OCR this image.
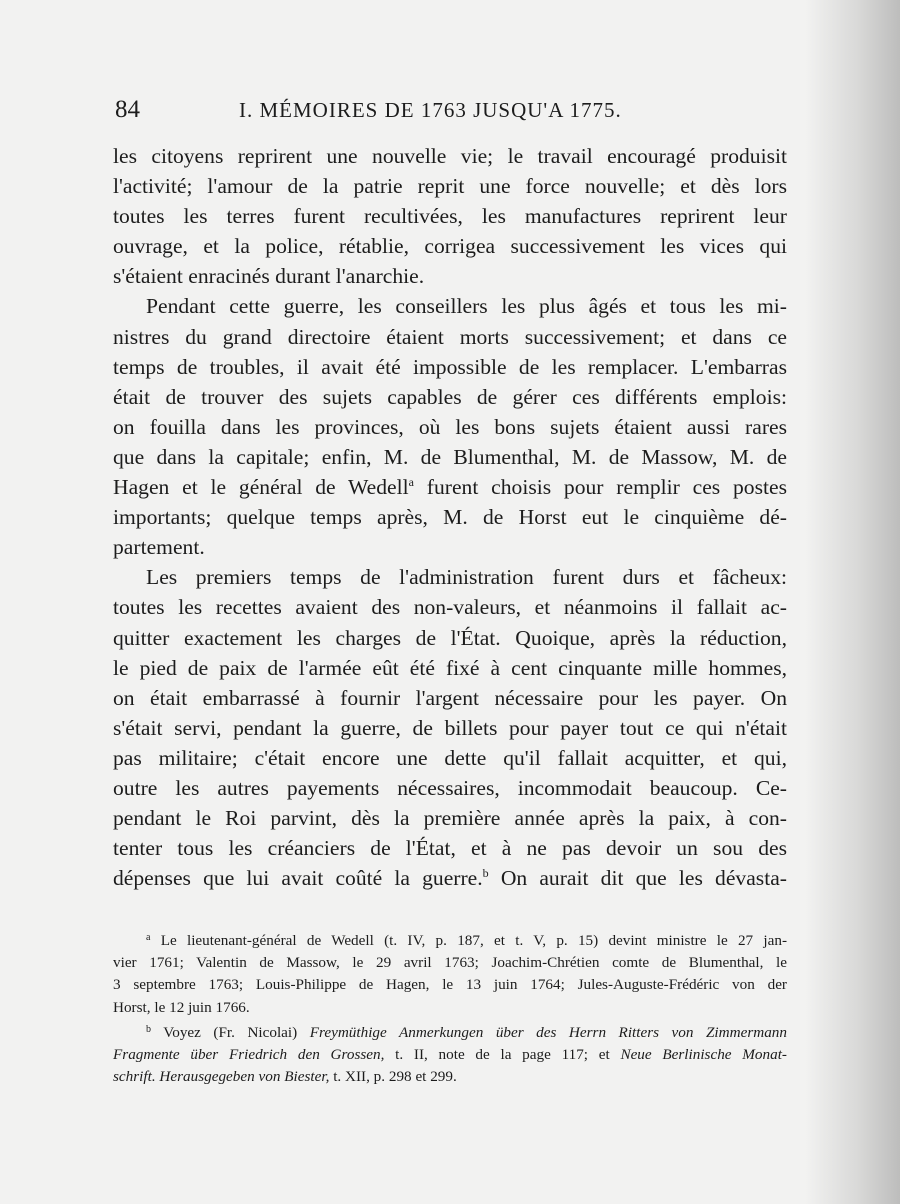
84	I. MÉMOIRES DE 1763 JUSQU'A 1775.
les citoyens reprirent une nouvelle vie; le travail encouragé produisit
l'activité; l'amour de la patrie reprit une force nouvelle; et dès lors
toutes les terres furent recultivées, les manufactures reprirent leur
ouvrage, et la police, rétablie, corrigea successivement les vices qui
s'étaient enracinés durant l'anarchie.
Pendant cette guerre, les conseillers les plus âgés et tous les mi-
nistres du grand directoire étaient morts successivement; et dans ce
temps de troubles, il avait été impossible de les remplacer. L'embarras
était de trouver des sujets capables de gérer ces différents emplois:
on fouilla dans les provinces, où les bons sujets étaient aussi rares
que dans la capitale; enfin, M. de Blumenthal, M. de Massow, M. de
Hagen et le général de Wedell$^a$ furent choisis pour remplir ces postes
importants; quelque temps après, M. de Horst eut le cinquième dé-
partement.
Les premiers temps de l'administration furent durs et fâcheux:
toutes les recettes avaient des non-valeurs, et néanmoins il fallait ac-
quitter exactement les charges de l'État. Quoique, après la réduction,
le pied de paix de l'armée eût été fixé à cent cinquante mille hommes,
on était embarrassé à fournir l'argent nécessaire pour les payer. On
s'était servi, pendant la guerre, de billets pour payer tout ce qui n'était
pas militaire; c'était encore une dette qu'il fallait acquitter, et qui,
outre les autres payements nécessaires, incommodait beaucoup. Ce-
pendant le Roi parvint, dès la première année après la paix, à con-
tenter tous les créanciers de l'État, et à ne pas devoir un sou des
dépenses que lui avait coûté la guerre.$^b$ On aurait dit que les dévasta-
$^a$ Le lieutenant-général de Wedell (t. IV, p. 187, et t. V, p. 15) devint ministre le 27 jan-
vier 1761; Valentin de Massow, le 29 avril 1763; Joachim-Chrétien comte de Blumenthal, le
3 septembre 1763; Louis-Philippe de Hagen, le 13 juin 1764; Jules-Auguste-Frédéric von der
Horst, le 12 juin 1766.
$^b$ Voyez (Fr. Nicolai) Freymüthige Anmerkungen über des Herrn Ritters von Zimmermann
Fragmente über Friedrich den Grossen, t. II, note de la page 117; et Neue Berlinische Monat-
schrift. Herausgegeben von Biester, t. XII, p. 298 et 299.
